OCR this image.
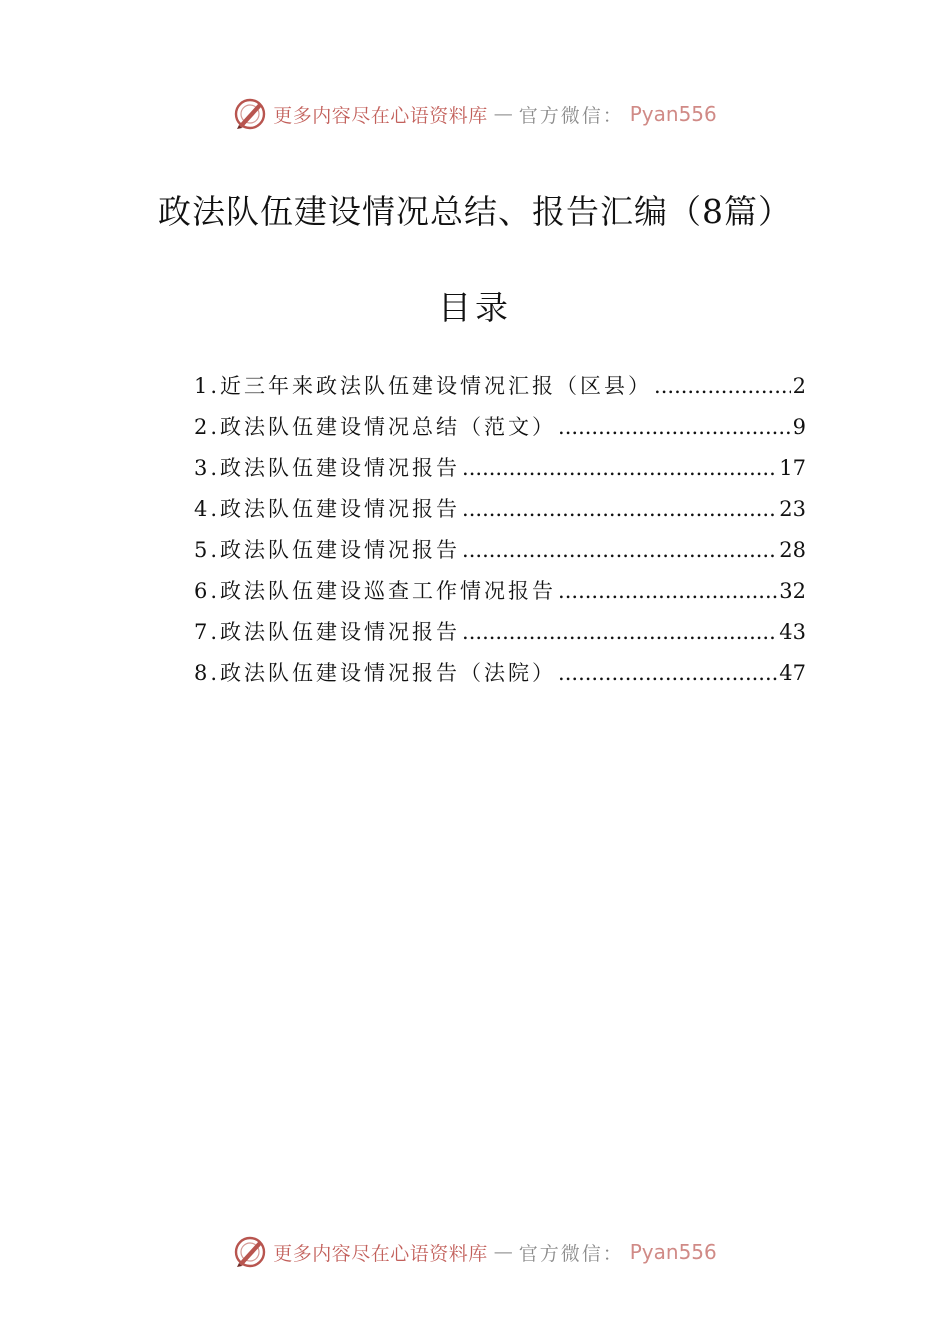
更多内容尽在心语资料库 — 官方微信： Pyan556
政法队伍建设情况总结、报告汇编（8篇）
目录
1.近三年来政法队伍建设情况汇报（区县） .....	2
2.政法队伍建设情况总结（范文） .....	9
3.政法队伍建设情况报告 .....	17
4.政法队伍建设情况报告 .....	23
5.政法队伍建设情况报告 .....	28
6.政法队伍建设巡查工作情况报告 .....	32
7.政法队伍建设情况报告 .....	43
8.政法队伍建设情况报告（法院） .....	47
更多内容尽在心语资料库 — 官方微信： Pyan556
